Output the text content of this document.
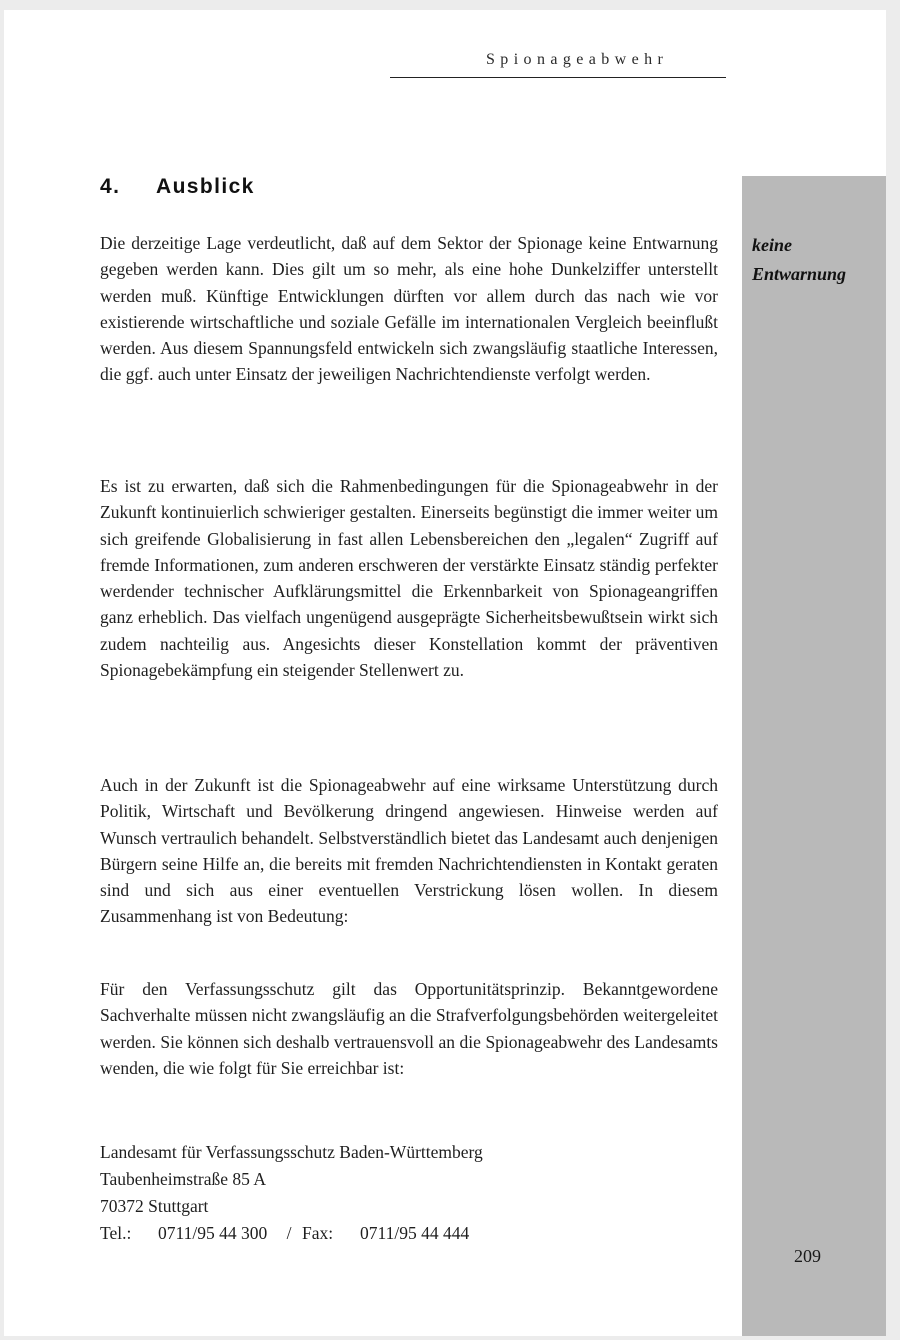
Spionageabwehr
keine
Entwarnung
4. Ausblick

Die derzeitige Lage verdeutlicht, daß auf dem Sektor der Spionage keine Entwarnung gegeben werden kann. Dies gilt um so mehr, als eine hohe Dunkelziffer unterstellt werden muß. Künftige Entwicklungen dürften vor allem durch das nach wie vor existierende wirtschaftliche und soziale Gefälle im internationalen Vergleich beeinflußt werden. Aus diesem Spannungsfeld entwickeln sich zwangsläufig staatliche Interessen, die ggf. auch unter Einsatz der jeweiligen Nachrichtendienste verfolgt werden.

Es ist zu erwarten, daß sich die Rahmenbedingungen für die Spionageabwehr in der Zukunft kontinuierlich schwieriger gestalten. Einerseits begünstigt die immer weiter um sich greifende Globalisierung in fast allen Lebensbereichen den „legalen“ Zugriff auf fremde Informationen, zum anderen erschweren der verstärkte Einsatz ständig perfekter werdender technischer Aufklärungsmittel die Erkennbarkeit von Spionageangriffen ganz erheblich. Das vielfach ungenügend ausgeprägte Sicherheitsbewußtsein wirkt sich zudem nachteilig aus. Angesichts dieser Konstellation kommt der präventiven Spionagebekämpfung ein steigender Stellenwert zu.

Auch in der Zukunft ist die Spionageabwehr auf eine wirksame Unterstützung durch Politik, Wirtschaft und Bevölkerung dringend angewiesen. Hinweise werden auf Wunsch vertraulich behandelt. Selbstverständlich bietet das Landesamt auch denjenigen Bürgern seine Hilfe an, die bereits mit fremden Nachrichtendiensten in Kontakt geraten sind und sich aus einer eventuellen Verstrickung lösen wollen. In diesem Zusammenhang ist von Bedeutung:

Für den Verfassungsschutz gilt das Opportunitätsprinzip. Bekanntgewordene Sachverhalte müssen nicht zwangsläufig an die Strafverfolgungsbehörden weitergeleitet werden. Sie können sich deshalb vertrauensvoll an die Spionageabwehr des Landesamts wenden, die wie folgt für Sie erreichbar ist:

Landesamt für Verfassungsschutz Baden-Württemberg
Taubenheimstraße 85 A
70372 Stuttgart
Tel.: 0711/95 44 300 / Fax: 0711/95 44 444
209
